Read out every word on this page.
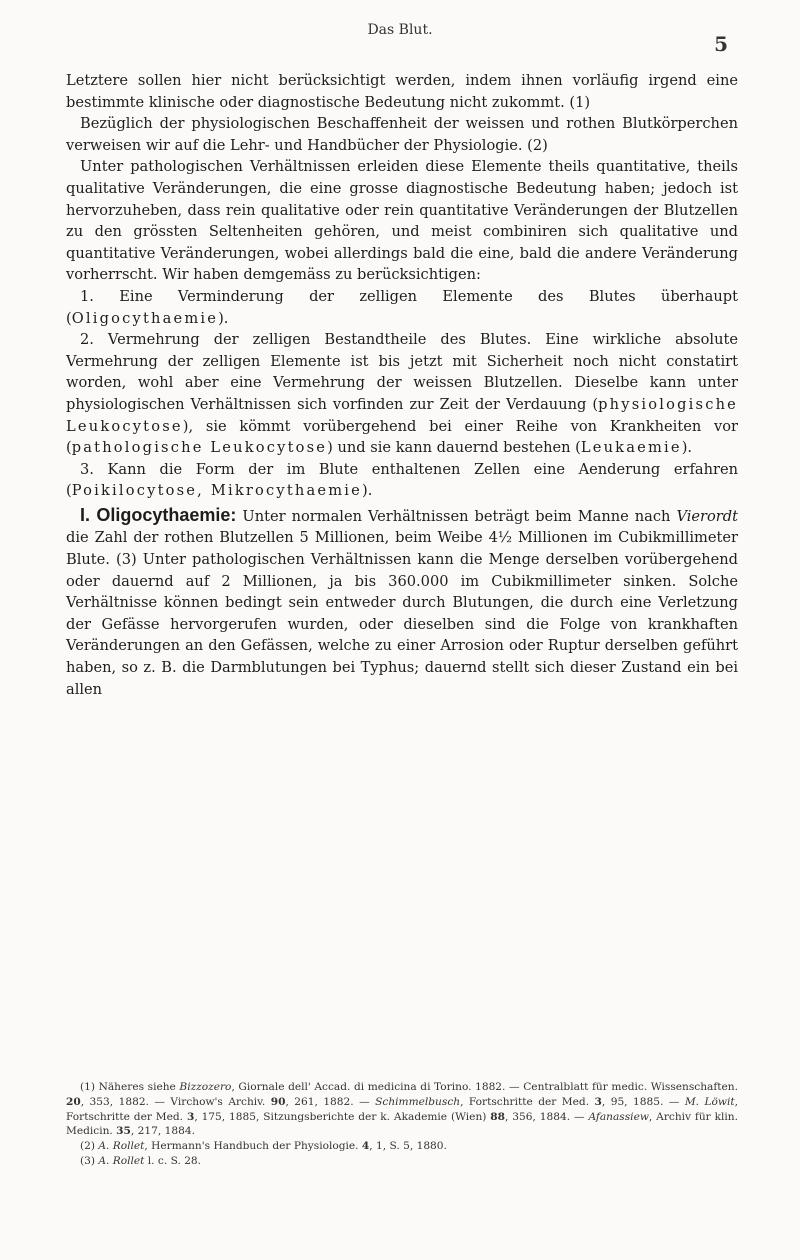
Das Blut.
5

Letztere sollen hier nicht berücksichtigt werden, indem ihnen vorläufig irgend eine bestimmte klinische oder diagnostische Bedeutung nicht zukommt. (1)

Bezüglich der physiologischen Beschaffenheit der weissen und rothen Blutkörperchen verweisen wir auf die Lehr- und Handbücher der Physiologie. (2)

Unter pathologischen Verhältnissen erleiden diese Elemente theils quantitative, theils qualitative Veränderungen, die eine grosse diagnostische Bedeutung haben; jedoch ist hervorzuheben, dass rein qualitative oder rein quantitative Veränderungen der Blutzellen zu den grössten Seltenheiten gehören, und meist combiniren sich qualitative und quantitative Veränderungen, wobei allerdings bald die eine, bald die andere Veränderung vorherrscht. Wir haben demgemäss zu berücksichtigen:

1. Eine Verminderung der zelligen Elemente des Blutes überhaupt (Oligocythaemie).

2. Vermehrung der zelligen Bestandtheile des Blutes. Eine wirkliche absolute Vermehrung der zelligen Elemente ist bis jetzt mit Sicherheit noch nicht constatirt worden, wohl aber eine Vermehrung der weissen Blutzellen. Dieselbe kann unter physiologischen Verhältnissen sich vorfinden zur Zeit der Verdauung (physiologische Leukocytose), sie kömmt vorübergehend bei einer Reihe von Krankheiten vor (pathologische Leukocytose) und sie kann dauernd bestehen (Leukaemie).

3. Kann die Form der im Blute enthaltenen Zellen eine Aenderung erfahren (Poikilocytose, Mikrocythaemie).

I. Oligocythaemie: Unter normalen Verhältnissen beträgt beim Manne nach Vierordt die Zahl der rothen Blutzellen 5 Millionen, beim Weibe 4½ Millionen im Cubikmillimeter Blute. (3) Unter pathologischen Verhältnissen kann die Menge derselben vorübergehend oder dauernd auf 2 Millionen, ja bis 360.000 im Cubikmillimeter sinken. Solche Verhältnisse können bedingt sein entweder durch Blutungen, die durch eine Verletzung der Gefässe hervorgerufen wurden, oder dieselben sind die Folge von krankhaften Veränderungen an den Gefässen, welche zu einer Arrosion oder Ruptur derselben geführt haben, so z. B. die Darmblutungen bei Typhus; dauernd stellt sich dieser Zustand ein bei allen

(1) Näheres siehe Bizzozero, Giornale dell' Accad. di medicina di Torino. 1882. — Centralblatt für medic. Wissenschaften. 20, 353, 1882. — Virchow's Archiv. 90, 261, 1882. — Schimmelbusch, Fortschritte der Med. 3, 95, 1885. — M. Löwit, Fortschritte der Med. 3, 175, 1885, Sitzungsberichte der k. Akademie (Wien) 88, 356, 1884. — Afanassiew, Archiv für klin. Medicin. 35, 217, 1884.

(2) A. Rollet, Hermann's Handbuch der Physiologie. 4, 1, S. 5, 1880.

(3) A. Rollet l. c. S. 28.
